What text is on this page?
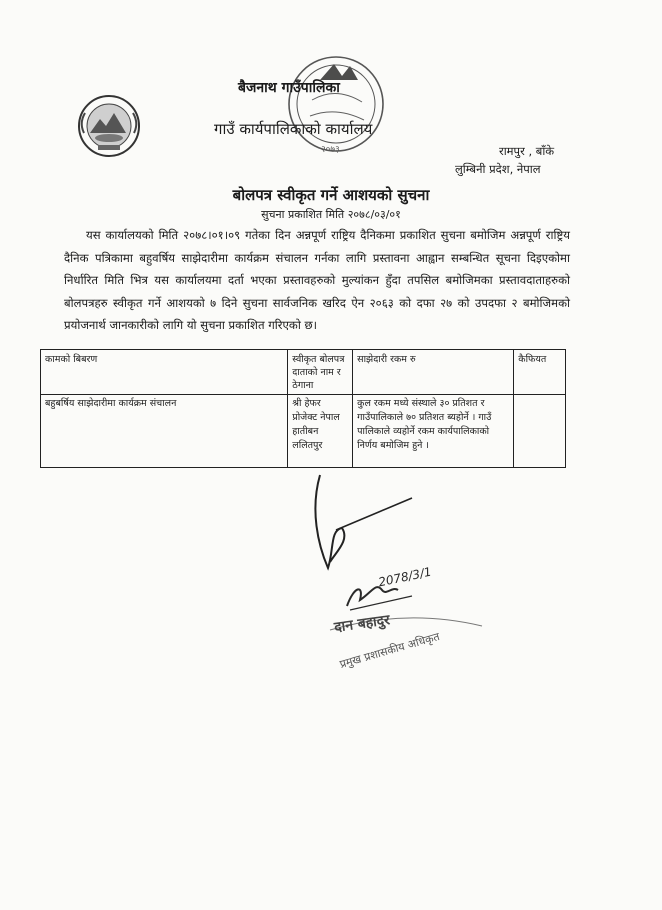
बैजनाथ गाउँपालिका
गाउँ कार्यपालिकाको कार्यालय
२०७३	रामपुर , बाँके
लुम्बिनी प्रदेश, नेपाल
बोलपत्र स्वीकृत गर्ने आशयको सुचना
सुचना प्रकाशित मिति २०७८/०३/०१
यस कार्यालयको मिति २०७८।०१।०९ गतेका दिन अन्नपूर्ण राष्ट्रिय दैनिकमा प्रकाशित सुचना बमोजिम अन्नपूर्ण राष्ट्रिय दैनिक पत्रिकामा बहुवर्षिय साझेदारीमा कार्यक्रम संचालन गर्नका लागि प्रस्तावना आह्वान सम्बन्धित सूचना दिइएकोमा निर्धारित मिति भित्र यस कार्यालयमा दर्ता भएका प्रस्तावहरुको मुल्यांकन हुँदा तपसिल बमोजिमका प्रस्तावदाताहरुको बोलपत्रहरु स्वीकृत गर्ने आशयको ७ दिने सुचना सार्वजनिक खरिद ऐन २०६३ को दफा २७ को उपदफा २ बमोजिमको प्रयोजनार्थ जानकारीको लागि यो सुचना प्रकाशित गरिएको छ।
कामको बिबरण	स्वीकृत बोलपत्र दाताको नाम र ठेगाना	साझेदारी रकम रु	कैफियत
बहुबर्षिय साझेदारीमा कार्यक्रम संचालन	श्री हेफर प्रोजेक्ट नेपाल हातीबन ललितपुर	कुल रकम मध्ये संस्थाले ३० प्रतिशत र गाउँपालिकाले ७० प्रतिशत ब्यहोर्ने । गाउँ पालिकाले व्यहोर्ने रकम कार्यपालिकाको निर्णय बमोजिम हुने ।	
2078/3/1
दान बहादुर
प्रमुख प्रशासकीय अधिकृत
